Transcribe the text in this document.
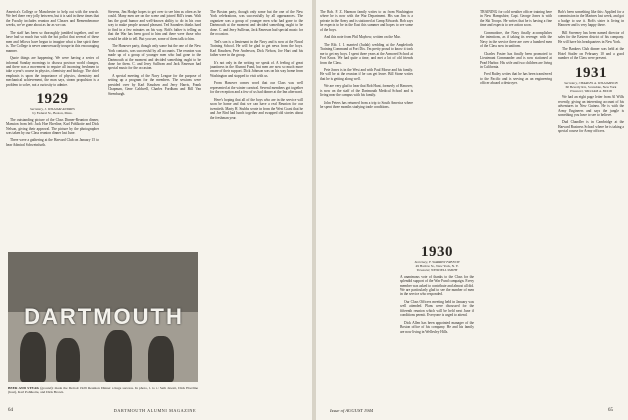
America's College or Manchester to help out with the search. We feel there very jolly between, but it is said in these times that the Faculty includes reunion and Classes and Rememberance weeks, we've gone about as far as we can.

The staff has been so thoroughly jumbled together, and we have had so much fun with the hoi polloi that several of these men and fellows have begun to imagine what a fine spirit there is. The College is never unnecessarily troupe in this encouraging manner.

Quote things are happening. We were having a series of informal Sunday mornings to discuss postwar world changes, and there was a movement to require all incoming freshmen to take a year's course in physics, chemistry and biology. The chief emphasis is upon the importance of physics, chemistry and mechanical achievement, the man says, steam propulsion is a problem to solve, not a curiosity to admire.

1929
Secretary, J. WILLIAM ANDRES
by Federal St., Boston, Mass.

The outstanding picture of the Class Dinner-Reunion dinner, Mansion from left: Jack Hoe Eberline, Karl Pohlkotte and Dick Nelson, giving their approval. The picture by the photographer was taken by our Class reunion dinner last June.

There were a gathering at the Harvard Club on January 15 to hear Admiral Schweinfurth.

Stevens, Jim Hodge hopes to get over to see him as often as he could. Many men are on the scene and joined Bill's team. Walt has the good humor and well-known ability to do in his own way to make people around pleasant. Ted Saunders thinks hard to find in a few minutes on his way. Bob's father is telling us that the War has been good to him and there were those who would be able to tell. But you see, some of them talk to him.

The Hanover party, though only some but the one of the New York contacts, was successful by all accounts. The reunion was made up of a group of younger men who had gone to the Dartmouth at the moment and decided something ought to be done for them. C. and Jerry Sullivan and Jack Emerson had special music for the occasion.

A special meeting of the Navy League for the purpose of setting up a program for the members. The sessions were presided over by Karl Knudsen and Jerry Harris, Frank Chapman, Gene Caldwell, Charles Fordham and Bill Van Steenburgh.

The Boston party, though only some but the one of the New York celebrations, was successfully by all appearances. The organizer was a group of younger men who had gone to the Dartmouth at the moment and decided something ought to be done. C. and Jerry Sullivan, Jack Emerson had special music for the occasion.

Ted's son is a lieutenant in the Navy and is now at the Naval Training School. He will be glad to get news from the boys. Karl Knudsen, Pete Anderson, Dick Nelson, Joe Hart and his father were in the group.

It's not only in the writing we speak of. A feeling of great jauntiness in the Alumni Fund, but men are now so much more aware of their support. Dick Johnson was on his way home from Washington and stopped to visit with us.

From Hanover comes word that our Class was well represented at the winter carnival. Several members got together for the reception and a few of us had dinner at the Inn afterward.

Here's hoping that all of the boys who are in the service will soon be home and that we can have a real Reunion for our twentieth. Marty H. Stubbs wrote in from the West Coast that he and Joe Bird had lunch together and swapped old stories about the freshman year.

DARTMOUTH
BEER AND STEAK (ground): made the Detroit 1929 Reunion Dinner a huge success. In photo, l. to r.: Seth Jewett, Dick Eberline (host), Karl Pohlkotte, and Dick Brown.
64	DARTMOUTH ALUMNI MAGAZINE

The Rob. F. Z. Harmon family writes to us from Washington where he is now with the War Department. His son Jim is a private in the Army and is stationed at Camp Edwards. Bob says he expects to be in the East this summer and hopes to see some of the boys.

And this note from Phil Mayhew, written on the Mar.

The Rib. I. I. married (Judah) wedding at the Ampleforth Training Command at Fort Dix. I'm pretty proud to know it took me to get my boys. I spent three years at the Armored School at Fort Knox. We had quite a time, and met a lot of old friends from the Class.

Pete Jones is in the West and with Paul Morse and his family. He will be at the reunion if he can get leave. Bill Stone writes that he is getting along well.

We are very glad to hear that Bob Hunt, formerly of Hanover, is now on the staff of the Dartmouth Medical School and is living near the campus with his family.

John Peters has returned from a trip to South America where he spent three months studying trade conditions.

1930
Secretary, F. WARREN FRENCH
49 Harlow St., New York, N. Y.
Treasurer, WENDELL SMITH

A unanimous vote of thanks to the Class for the splendid support of the War Fund campaign. Every member was asked to contribute and almost all did. We are particularly glad to see the number of men in the service who responded.

Our Class Officers meeting held in January was well attended. Plans were discussed for the fifteenth reunion which will be held next June if conditions permit. Everyone is urged to attend.

Dick Allen has been appointed manager of the Boston office of his company. He and his family are now living in Wellesley Hills.

TRAINING for cold weather officer training here in New Hampshire, Capt. George Jones is with the Ski Troops. He writes that he is having a fine time and expects to see action soon.

Commodore, the Navy finally accomplishes the intentions, as if taking its revenge: with the Navy in the service there are over a hundred men of the Class now in uniform.

Charles Foster has finally been promoted to Lieutenant Commander and is now stationed at Pearl Harbor. His wife and two children are living in California.

Fred Bailey writes that he has been transferred to the Pacific and is serving as an engineering officer aboard a destroyer.

Bob's been something like this: Applied for a commission in the Marines last week, and got a badge to use it. Bob's sister is living in Hanover and is very happy there.

Bill Sweeney has been named director of sales for the Eastern district of his company. He will have his headquarters in New York.

The Bankers Club dinner was held at the Hotel Statler on February 10 and a good number of the Class were present.

1931
Secretary, CHARLES A. WILLIAMSON
60 Beverly Rd., Scarsdale, New York
Treasurer, WILLIAM A. BUDD

We had an eight page letter from Al Wills recently, giving an interesting account of his adventures in New Guinea. He is with the Army Engineers and says the jungle is something you have to see to believe.

Dud Chandler is in Cambridge at the Harvard Business School where he is taking a special course for Army officers.

Issue of AUGUST 1944	65
